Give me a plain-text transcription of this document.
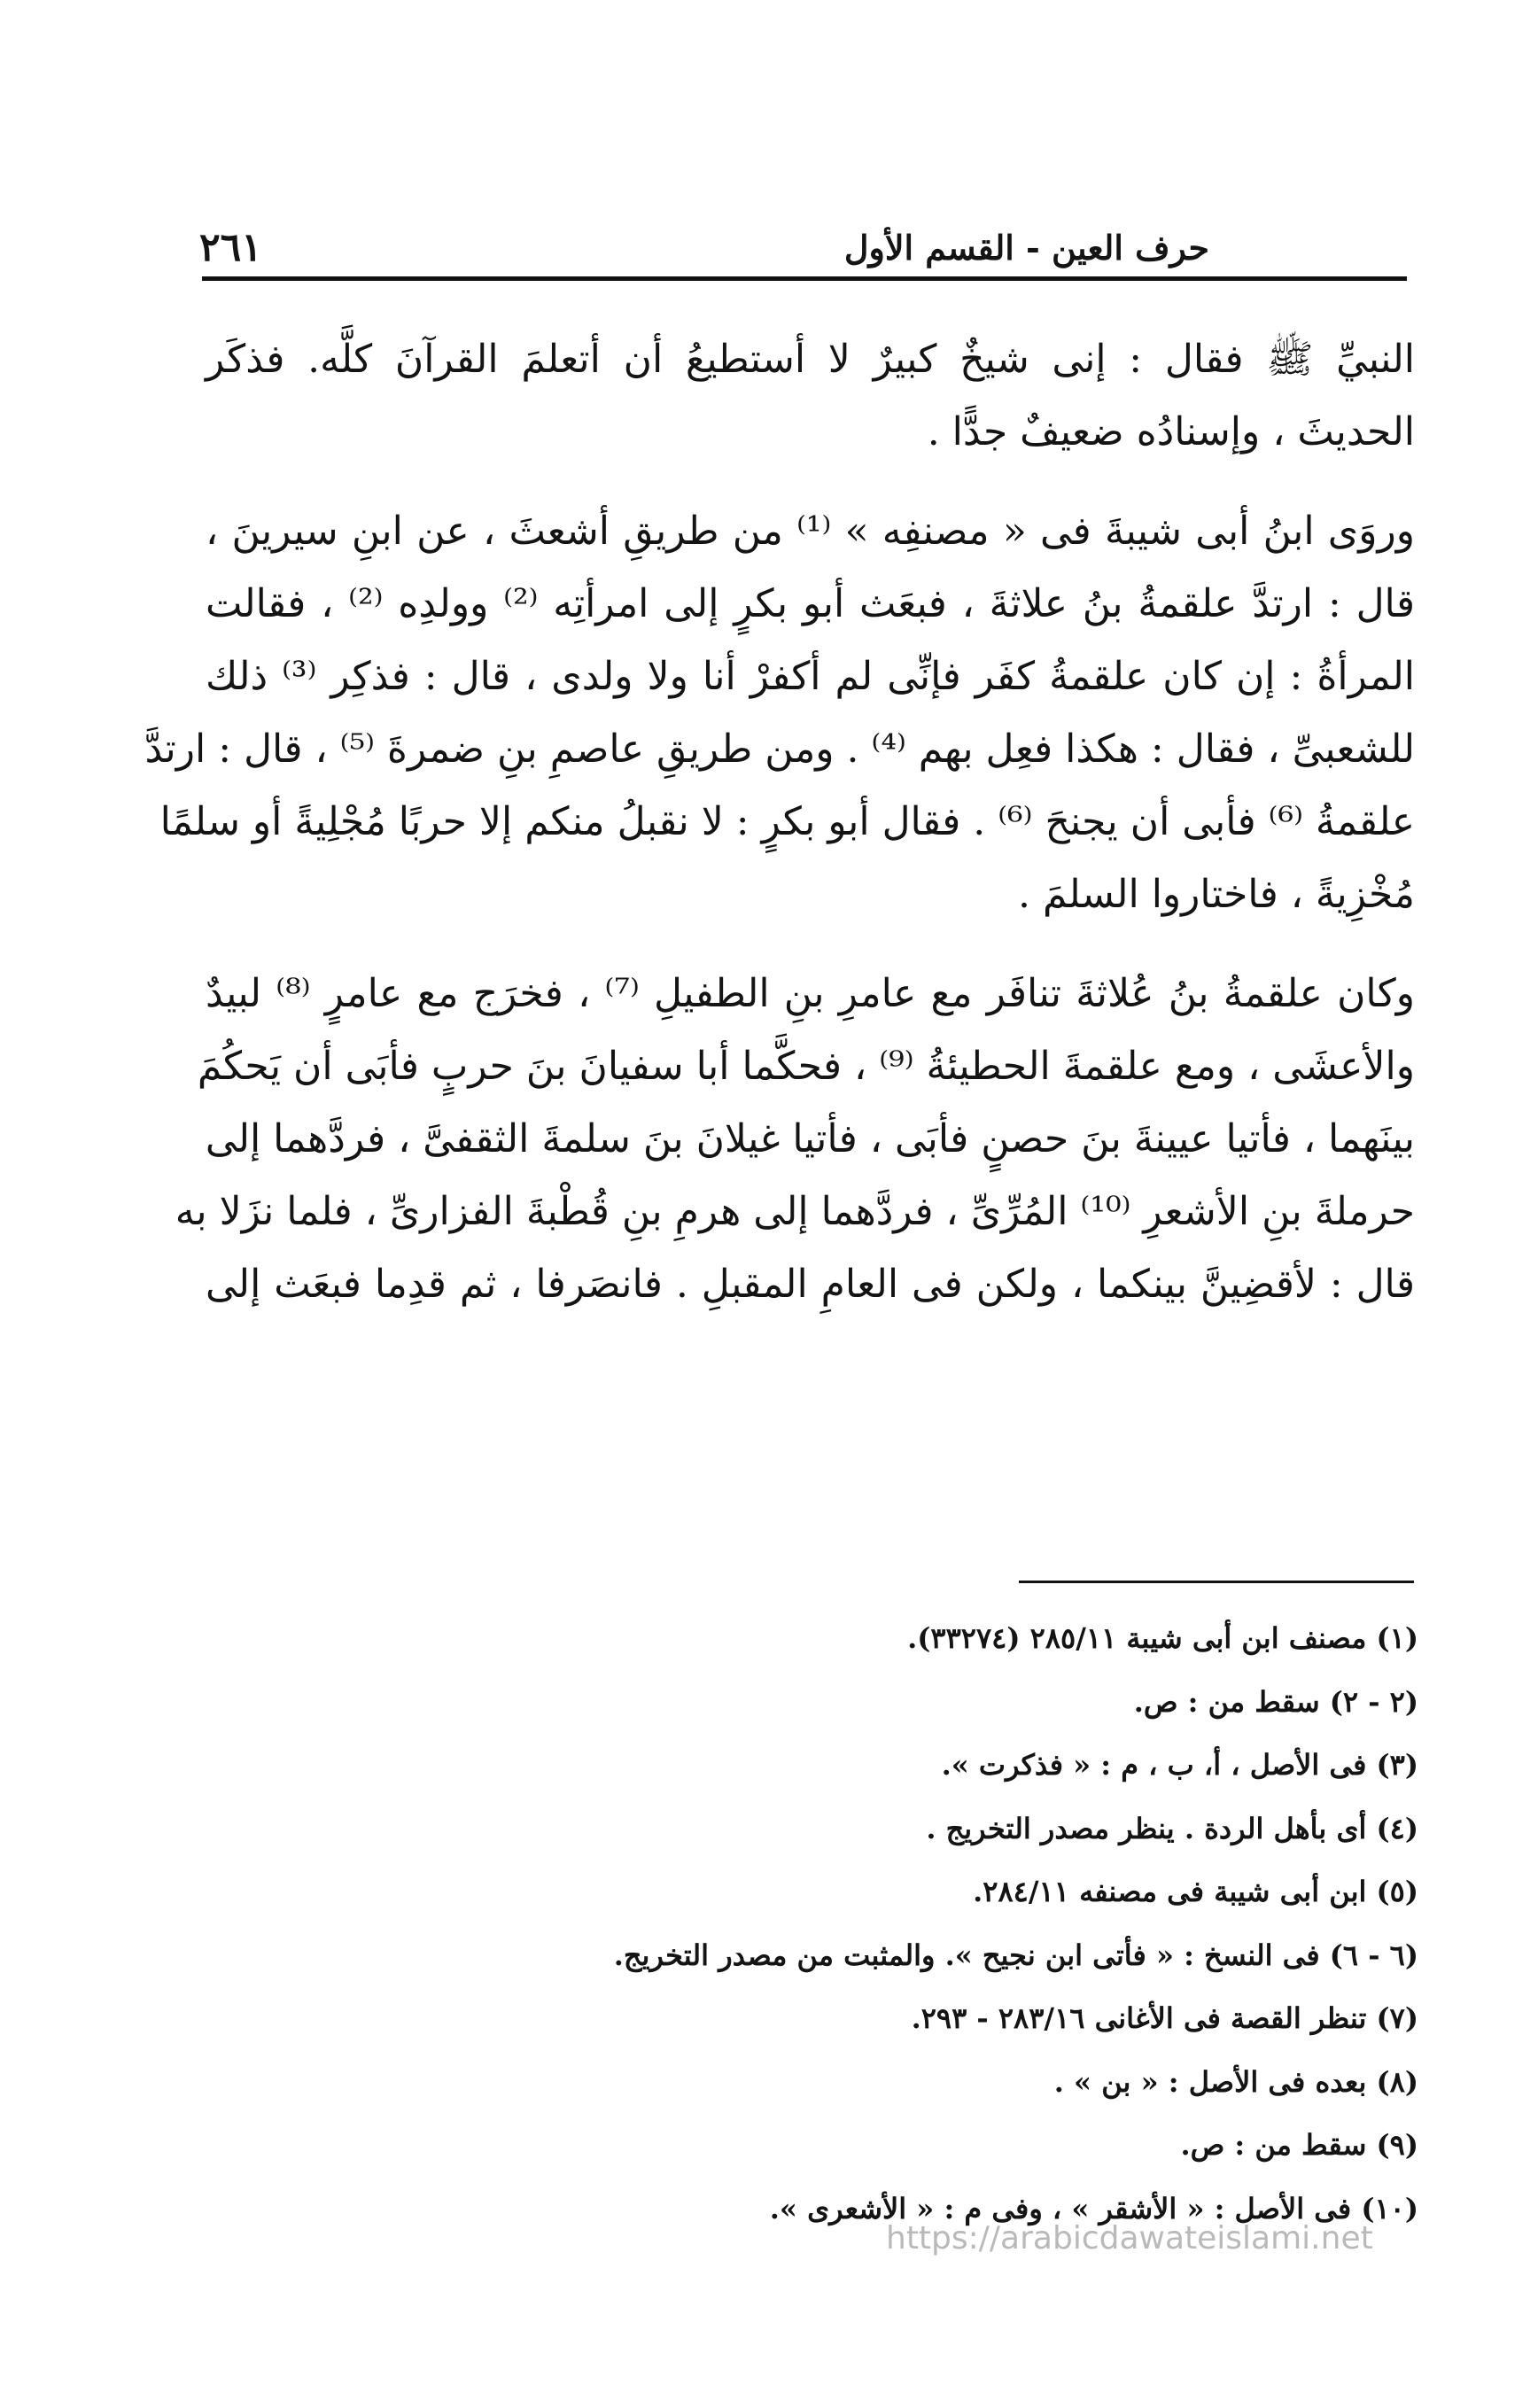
حرف العين - القسم الأول
٢٦١
النبيِّ ﷺ فقال : إنى شيخٌ كبيرٌ لا أستطيعُ أن أتعلمَ القرآنَ كلَّه. فذكَر
الحديثَ ، وإسنادُه ضعيفٌ جدًّا .
وروَى ابنُ أبى شيبةَ فى « مصنفِه » ⁽¹⁾ من طريقِ أشعثَ ، عن ابنِ سيرينَ ،
قال : ارتدَّ علقمةُ بنُ علاثةَ ، فبعَث أبو بكرٍ إلى امرأتِه ⁽²⁾ وولدِه ⁽²⁾ ، فقالت
المرأةُ : إن كان علقمةُ كفَر فإنِّى لم أكفرْ أنا ولا ولدى ، قال : فذكِر ⁽³⁾ ذلك
للشعبىِّ ، فقال : هكذا فعِل بهم ⁽⁴⁾ . ومن طريقِ عاصمِ بنِ ضمرةَ ⁽⁵⁾ ، قال : ارتدَّ
علقمةُ ⁽⁶⁾ فأبى أن يجنحَ ⁽⁶⁾ . فقال أبو بكرٍ : لا نقبلُ منكم إلا حربًا مُجْلِيةً أو سلمًا
مُخْزِيةً ، فاختاروا السلمَ .
وكان علقمةُ بنُ عُلاثةَ تنافَر مع عامرِ بنِ الطفيلِ ⁽⁷⁾ ، فخرَج مع عامرٍ ⁽⁸⁾ لبيدٌ
والأعشَى ، ومع علقمةَ الحطيئةُ ⁽⁹⁾ ، فحكَّما أبا سفيانَ بنَ حربٍ فأبَى أن يَحكُمَ
بينَهما ، فأتيا عيينةَ بنَ حصنٍ فأبَى ، فأتيا غيلانَ بنَ سلمةَ الثقفىَّ ، فردَّهما إلى
حرملةَ بنِ الأشعرِ ⁽¹⁰⁾ المُرِّىِّ ، فردَّهما إلى هرمِ بنِ قُطْبةَ الفزارىِّ ، فلما نزَلا به
قال : لأقضِينَّ بينكما ، ولكن فى العامِ المقبلِ . فانصَرفا ، ثم قدِما فبعَث إلى
(١) مصنف ابن أبى شيبة ٢٨٥/١١ (٣٣٢٧٤).
(٢ - ٢) سقط من : ص.
(٣) فى الأصل ، أ، ب ، م : « فذكرت ».
(٤) أى بأهل الردة . ينظر مصدر التخريج .
(٥) ابن أبى شيبة فى مصنفه ٢٨٤/١١.
(٦ - ٦) فى النسخ : « فأتى ابن نجيح ». والمثبت من مصدر التخريج.
(٧) تنظر القصة فى الأغانى ٢٨٣/١٦ - ٢٩٣.
(٨) بعده فى الأصل : « بن » .
(٩) سقط من : ص.
(١٠) فى الأصل : « الأشقر » ، وفى م : « الأشعرى ».
https://arabicdawateislami.net
